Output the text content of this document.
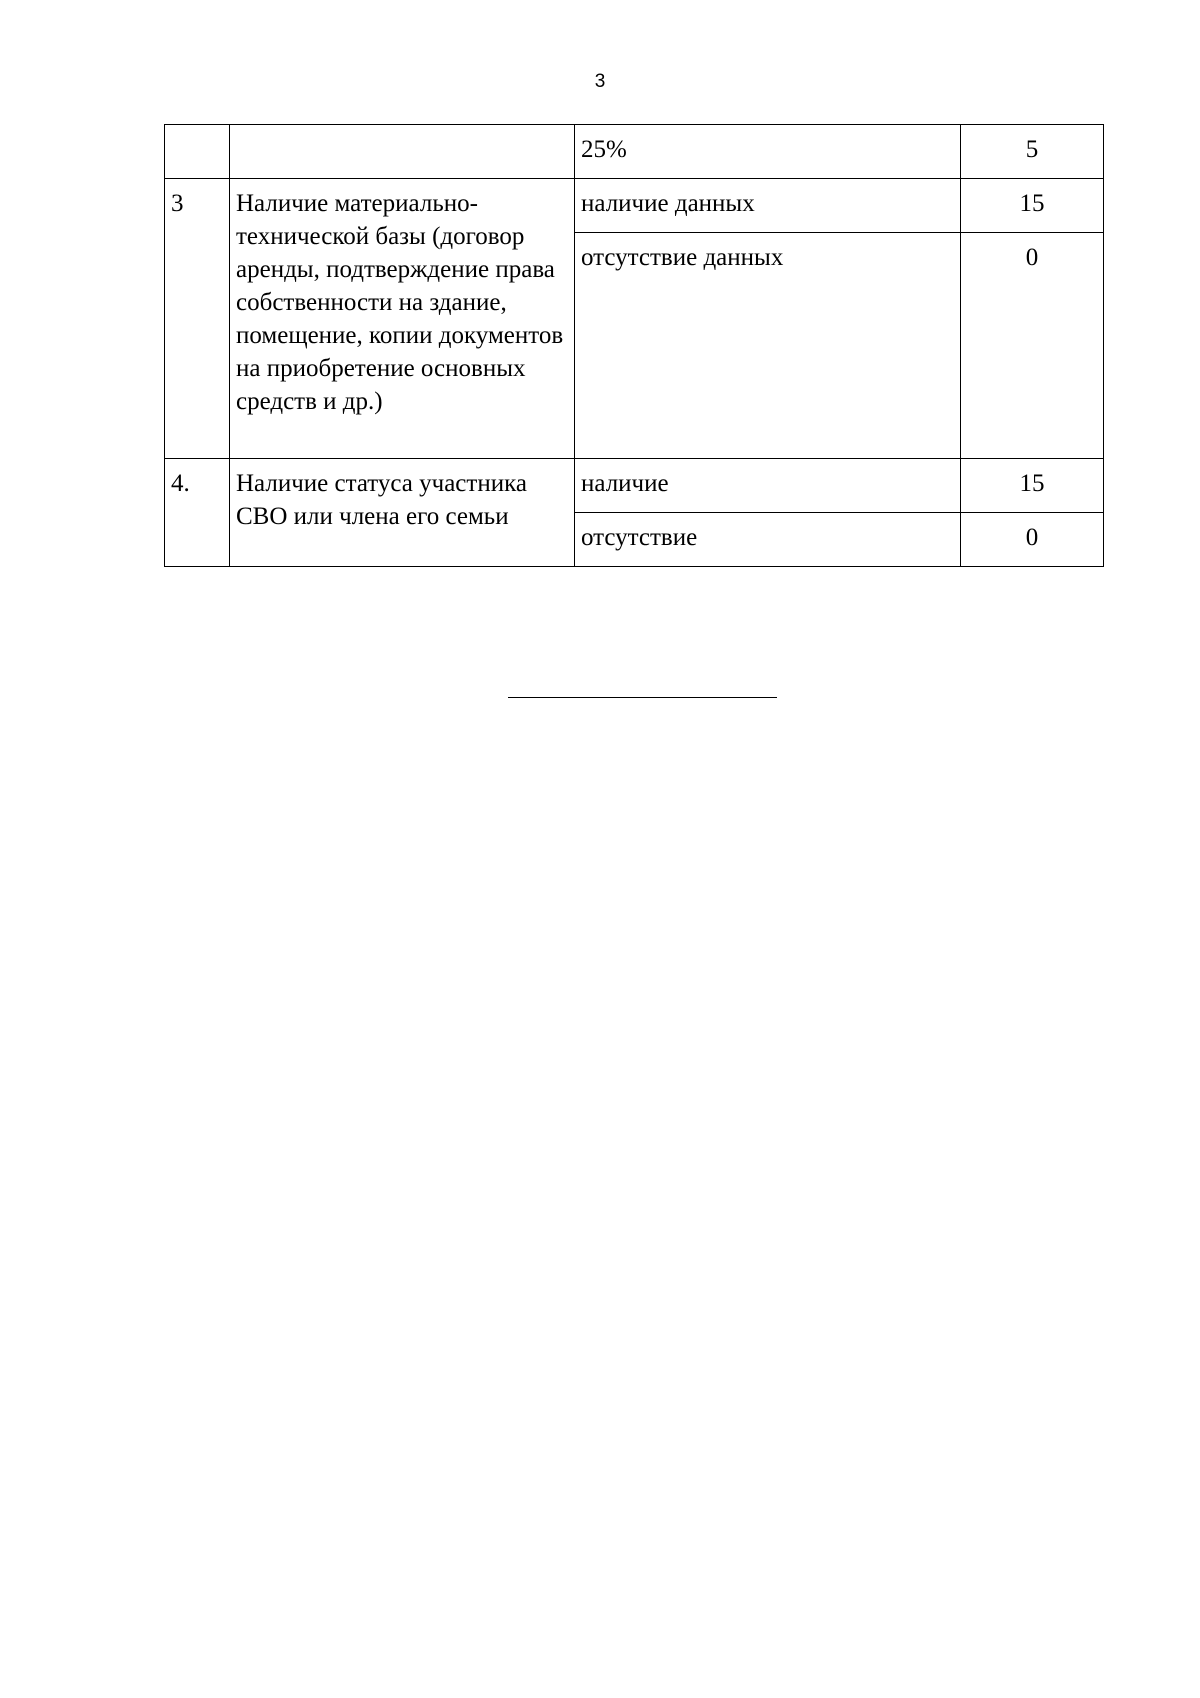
3
		25%	5
3	Наличие материально-технической базы (договор аренды, подтверждение права собственности на здание, помещение, копии документов на приобретение основных средств и др.)	наличие данных	15
		отсутствие данных	0
4.	Наличие статуса участника СВО или члена его семьи	наличие	15
		отсутствие	0
